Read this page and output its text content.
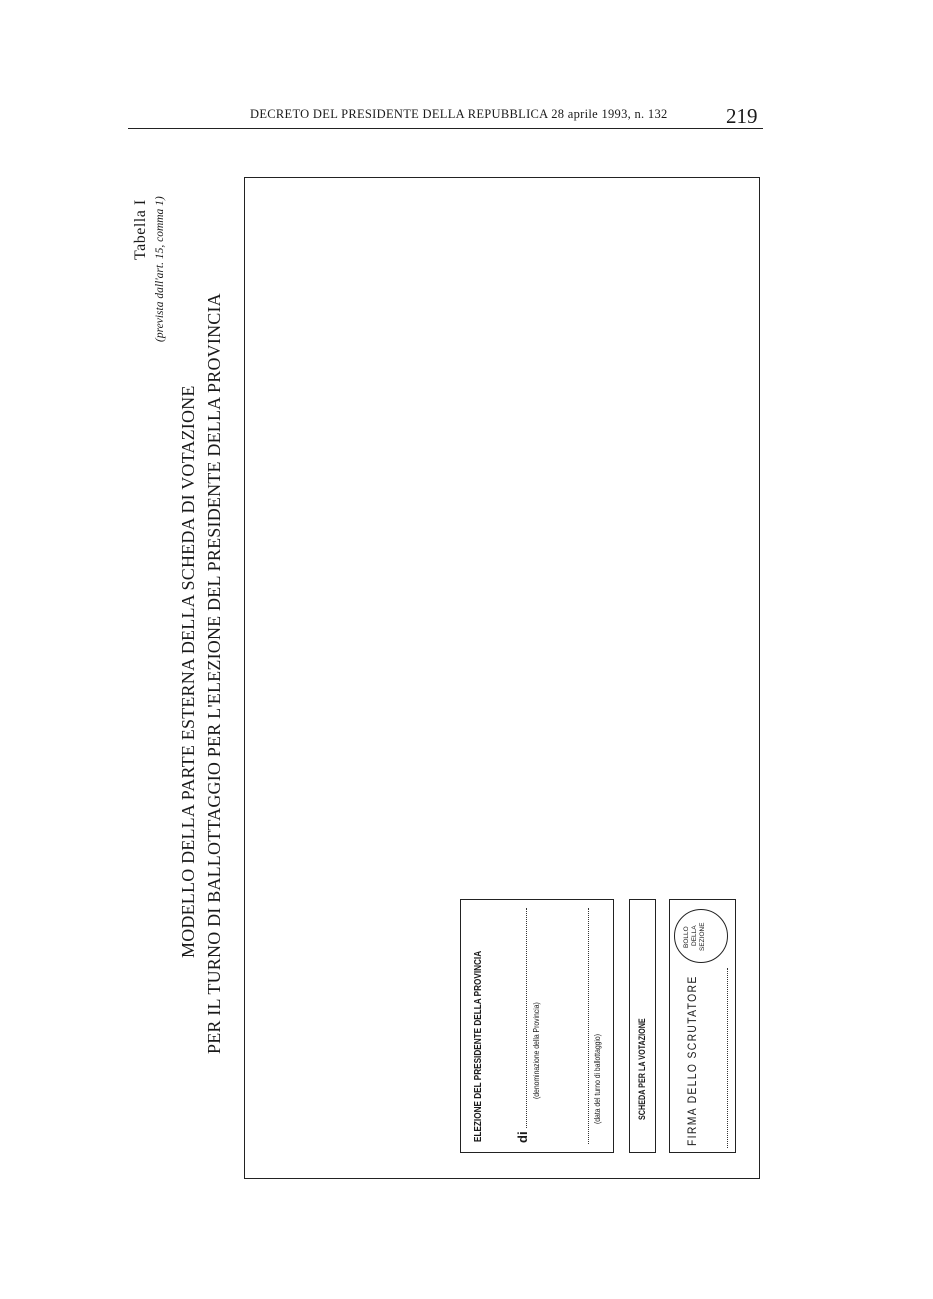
DECRETO DEL PRESIDENTE DELLA REPUBBLICA 28 aprile 1993, n. 132	219
Tabella I (prevista dall'art. 15, comma 1)
MODELLO DELLA PARTE ESTERNA DELLA SCHEDA DI VOTAZIONE PER IL TURNO DI BALLOTTAGGIO PER L'ELEZIONE DEL PRESIDENTE DELLA PROVINCIA	ELEZIONE DEL PRESIDENTE DELLA PROVINCIA di
(denominazione della Provincia)	(data del turno di ballottaggio)	SCHEDA PER LA VOTAZIONE	FIRMA DELLO SCRUTATORE
BOLLO DELLA SEZIONE
